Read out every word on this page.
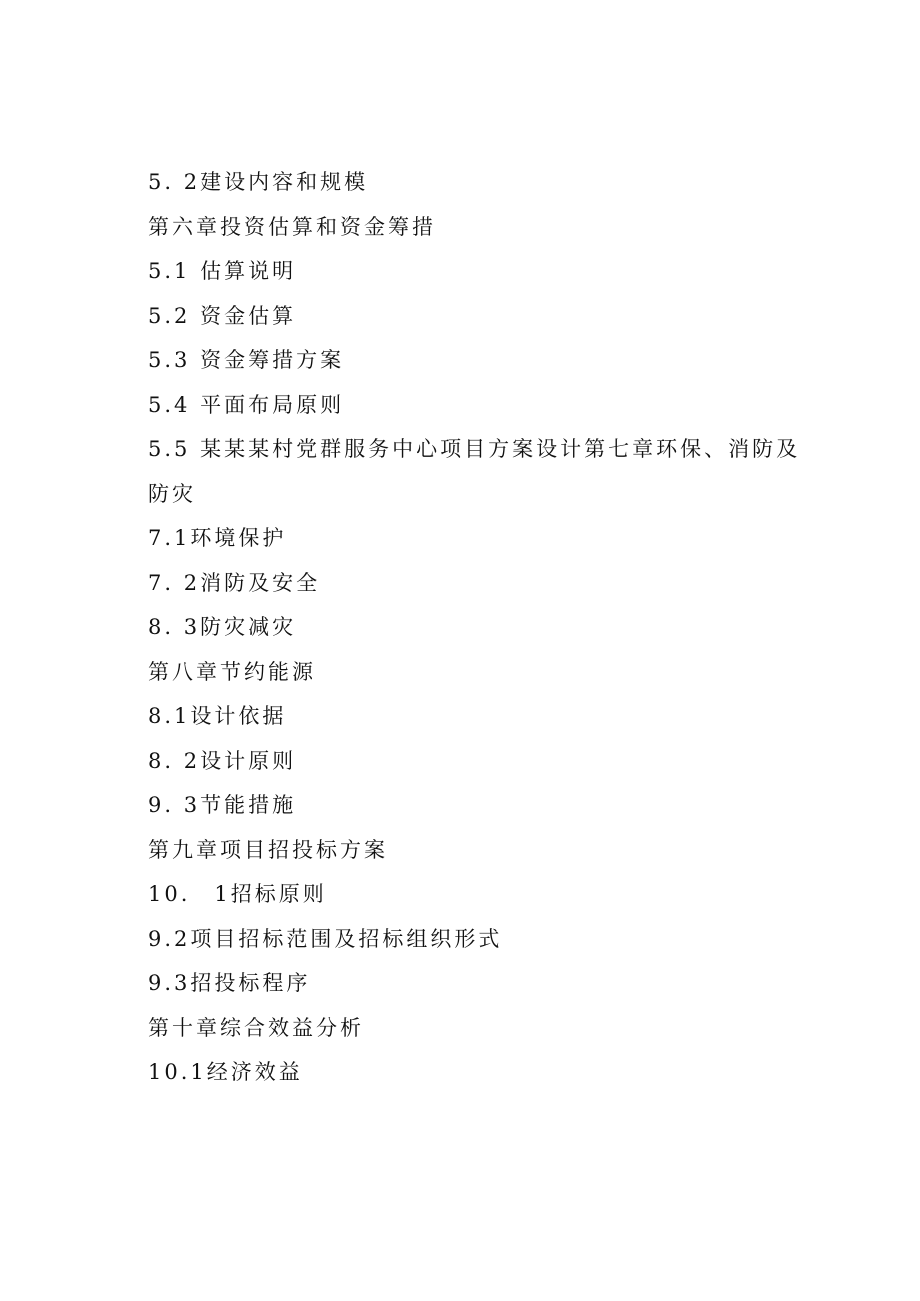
5. 2建设内容和规模
第六章投资估算和资金筹措
5.1 估算说明
5.2 资金估算
5.3 资金筹措方案
5.4 平面布局原则
5.5 某某某村党群服务中心项目方案设计第七章环保、消防及防灾
7.1环境保护
7. 2消防及安全
8. 3防灾减灾
第八章节约能源
8.1设计依据
8. 2设计原则
9. 3节能措施
第九章项目招投标方案
10.　1招标原则
9.2项目招标范围及招标组织形式
9.3招投标程序
第十章综合效益分析
10.1经济效益
